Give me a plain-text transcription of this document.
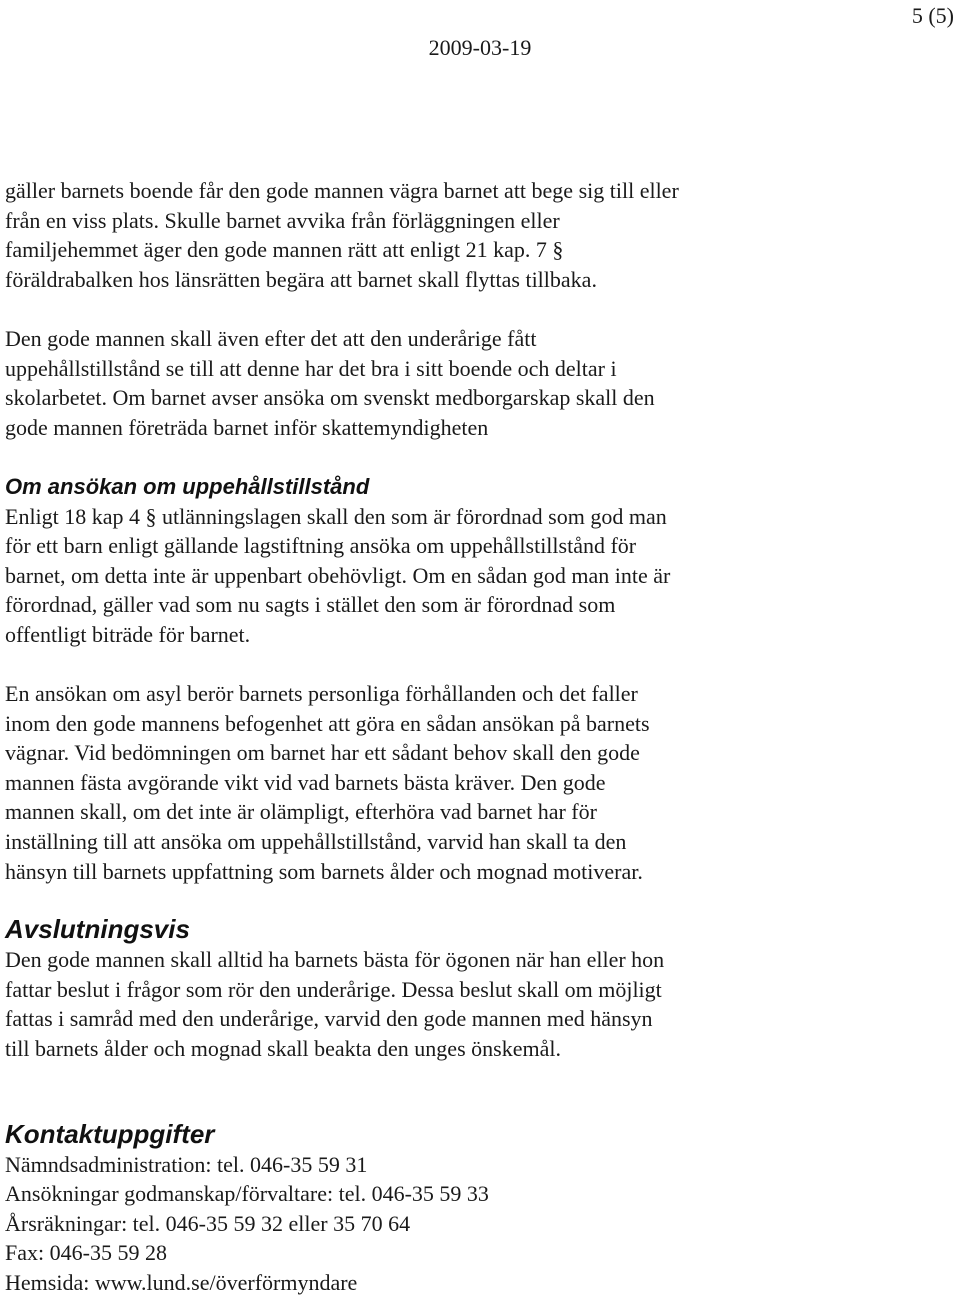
5 (5)
2009-03-19

gäller barnets boende får den gode mannen vägra barnet att bege sig till eller

från en viss plats. Skulle barnet avvika från förläggningen eller

familjehemmet äger den gode mannen rätt att enligt 21 kap. 7 §

föräldrabalken hos länsrätten begära att barnet skall flyttas tillbaka.

Den gode mannen skall även efter det att den underårige fått

uppehållstillstånd se till att denne har det bra i sitt boende och deltar i

skolarbetet. Om barnet avser ansöka om svenskt medborgarskap skall den

gode mannen företräda barnet inför skattemyndigheten

Om ansökan om uppehållstillstånd

Enligt 18 kap 4 § utlänningslagen skall den som är förordnad som god man

för ett barn enligt gällande lagstiftning ansöka om uppehållstillstånd för

barnet, om detta inte är uppenbart obehövligt. Om en sådan god man inte är

förordnad, gäller vad som nu sagts i stället den som är förordnad som

offentligt biträde för barnet.

En ansökan om asyl berör barnets personliga förhållanden och det faller

inom den gode mannens befogenhet att göra en sådan ansökan på barnets

vägnar. Vid bedömningen om barnet har ett sådant behov skall den gode

mannen fästa avgörande vikt vid vad barnets bästa kräver. Den gode

mannen skall, om det inte är olämpligt, efterhöra vad barnet har för

inställning till att ansöka om uppehållstillstånd, varvid han skall ta den

hänsyn till barnets uppfattning som barnets ålder och mognad motiverar.

Avslutningsvis

Den gode mannen skall alltid ha barnets bästa för ögonen när han eller hon

fattar beslut i frågor som rör den underårige. Dessa beslut skall om möjligt

fattas i samråd med den underårige, varvid den gode mannen med hänsyn

till barnets ålder och mognad skall beakta den unges önskemål.

Kontaktuppgifter

Nämndsadministration: tel. 046-35 59 31

Ansökningar godmanskap/förvaltare: tel. 046-35 59 33

Årsräkningar: tel. 046-35 59 32 eller 35 70 64

Fax: 046-35 59 28

Hemsida: www.lund.se/överförmyndare
